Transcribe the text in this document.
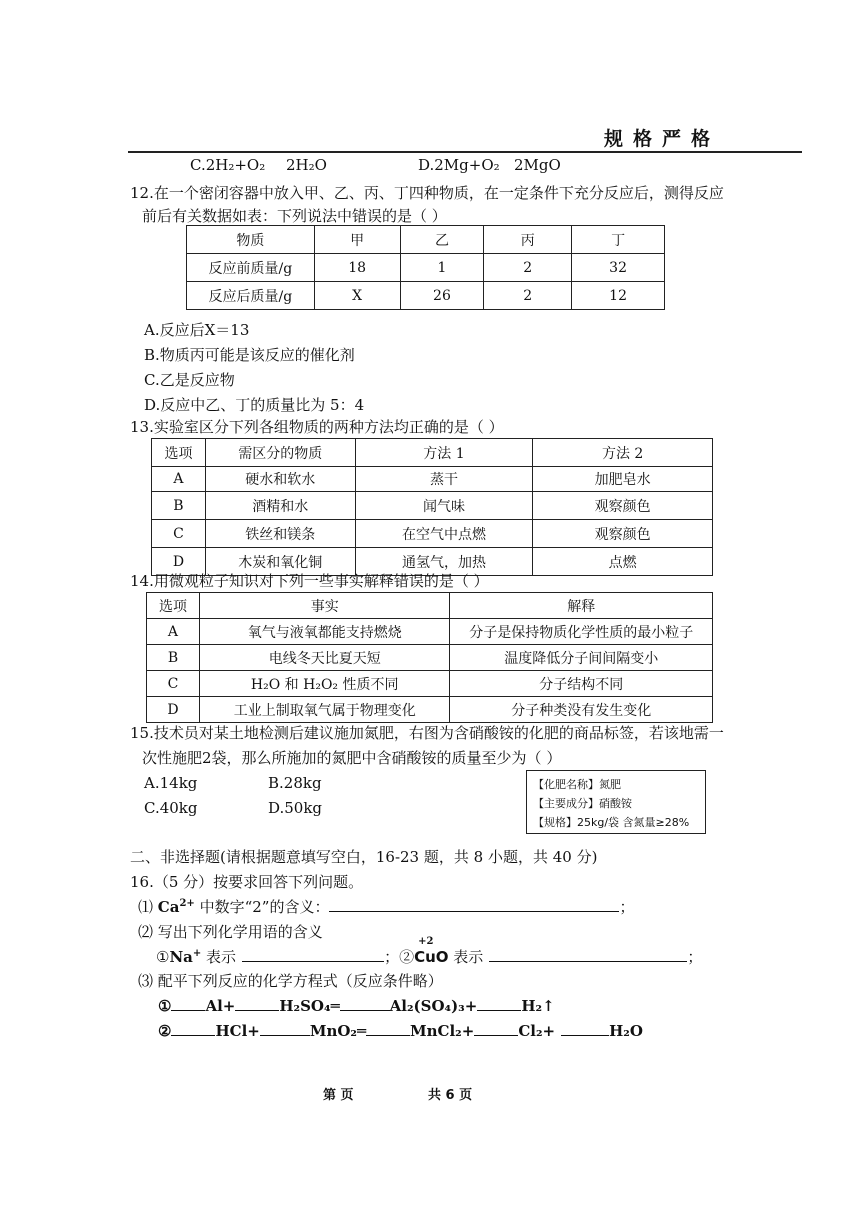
规格严格
C.2H₂+O₂ 2H₂O	D.2Mg+O₂ 2MgO
12.在一个密闭容器中放入甲、乙、丙、丁四种物质，在一定条件下充分反应后，测得反应
前后有关数据如表：下列说法中错误的是（ ）
物质	甲	乙	丙	丁
反应前质量/g	18	1	2	32
反应后质量/g	X	26	2	12
A.反应后X＝13
B.物质丙可能是该反应的催化剂
C.乙是反应物
D.反应中乙、丁的质量比为 5：4
13.实验室区分下列各组物质的两种方法均正确的是（ ）
选项	需区分的物质	方法 1	方法 2
A	硬水和软水	蒸干	加肥皂水
B	酒精和水	闻气味	观察颜色
C	铁丝和镁条	在空气中点燃	观察颜色
D	木炭和氧化铜	通氢气，加热	点燃
14.用微观粒子知识对下列一些事实解释错误的是（ ）
选项	事实	解释
A	氧气与液氧都能支持燃烧	分子是保持物质化学性质的最小粒子
B	电线冬天比夏天短	温度降低分子间间隔变小
C	H₂O 和 H₂O₂ 性质不同	分子结构不同
D	工业上制取氧气属于物理变化	分子种类没有发生变化
15.技术员对某土地检测后建议施加氮肥，右图为含硝酸铵的化肥的商品标签，若该地需一
次性施肥2袋，那么所施加的氮肥中含硝酸铵的质量至少为（ ）
A.14kg	B.28kg
C.40kg	D.50kg
【化肥名称】氮肥
【主要成分】硝酸铵
【规格】25kg/袋 含氮量≥28%
二、非选择题(请根据题意填写空白，16-23 题，共 8 小题，共 40 分)
16.（5 分）按要求回答下列问题。
⑴ $Ca^{2+}$ 中数字“2”的含义：	；
⑵ 写出下列化学用语的含义
①Na+ 表示	；②
+2
CuO 表示	；
⑶ 配平下列反应的化学方程式（反应条件略）
① Al+	H₂SO₄═	Al₂(SO₄)₃+	H₂↑
②	HCl+	MnO₂═	MnCl₂+	Cl₂+	H₂O
第 页	共 6 页
